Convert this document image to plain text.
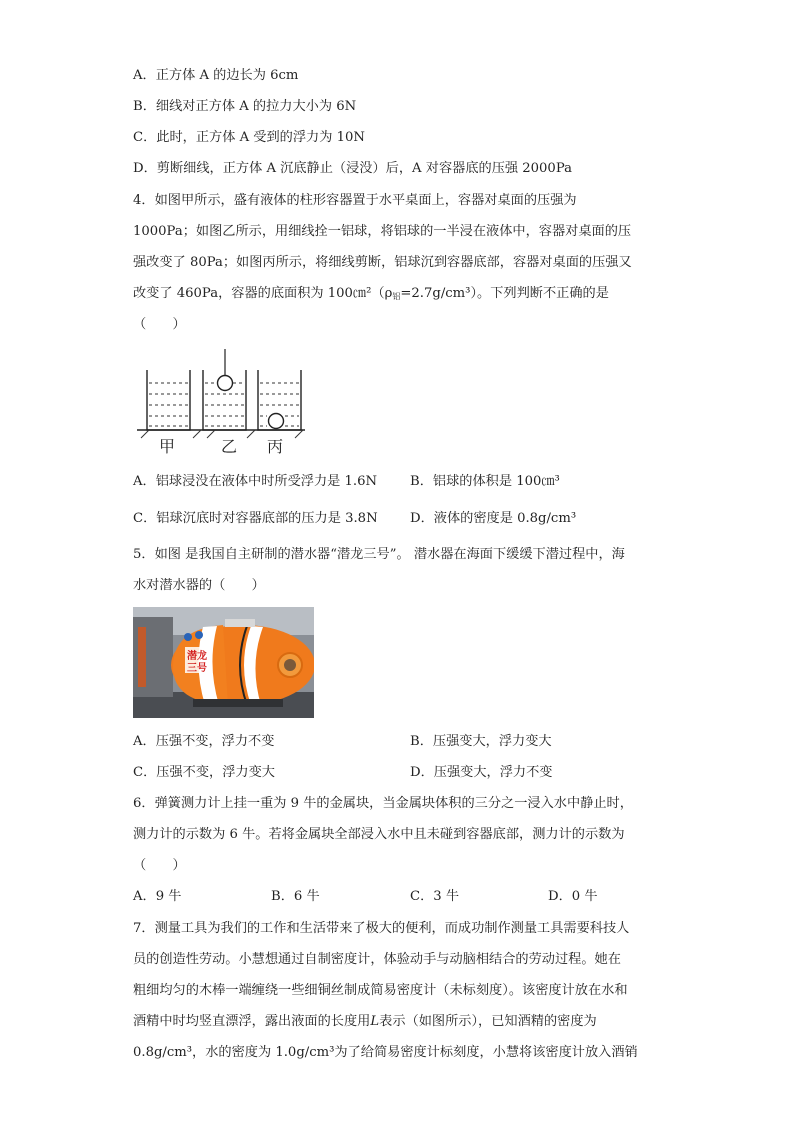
A．正方体 A 的边长为 6cm
B．细线对正方体 A 的拉力大小为 6N
C．此时，正方体 A 受到的浮力为 10N
D．剪断细线，正方体 A 沉底静止（浸没）后，A 对容器底的压强 2000Pa
4．如图甲所示，盛有液体的柱形容器置于水平桌面上，容器对桌面的压强为
1000Pa；如图乙所示，用细线拴一铝球，将铝球的一半浸在液体中，容器对桌面的压
强改变了 80Pa；如图丙所示，将细线剪断，铝球沉到容器底部，容器对桌面的压强又
改变了 460Pa，容器的底面积为 $100㎝^2(\rho_铝=2.7g/cm^3)$。下列判断不正确的是
（　　）
甲	乙 丙
A．铝球浸没在液体中时所受浮力是 1.6N B．铝球的体积是 100㎝³
C．铝球沉底时对容器底部的压力是 3.8N D．液体的密度是 0.8g/cm³
5．如图 是我国自主研制的潜水器“潜龙三号”。 潜水器在海面下缓缓下潜过程中，海
水对潜水器的（　　）
潜龙
三号
A．压强不变，浮力不变	B．压强变大，浮力变大
C．压强不变，浮力变大	D．压强变大，浮力不变
6．弹簧测力计上挂一重为 9 牛的金属块，当金属块体积的三分之一浸入水中静止时，
测力计的示数为 6 牛。若将金属块全部浸入水中且未碰到容器底部，测力计的示数为
（　　）
A．9 牛	B．6 牛	C．3 牛	D．0 牛
7．测量工具为我们的工作和生活带来了极大的便利，而成功制作测量工具需要科技人
员的创造性劳动。小慧想通过自制密度计，体验动手与动脑相结合的劳动过程。她在
粗细均匀的木棒一端缠绕一些细铜丝制成简易密度计（未标刻度）。该密度计放在水和
酒精中时均竖直漂浮，露出液面的长度用L表示（如图所示），已知酒精的密度为
0.8g/cm³，水的密度为 1.0g/cm³为了给简易密度计标刻度，小慧将该密度计放入酒销
